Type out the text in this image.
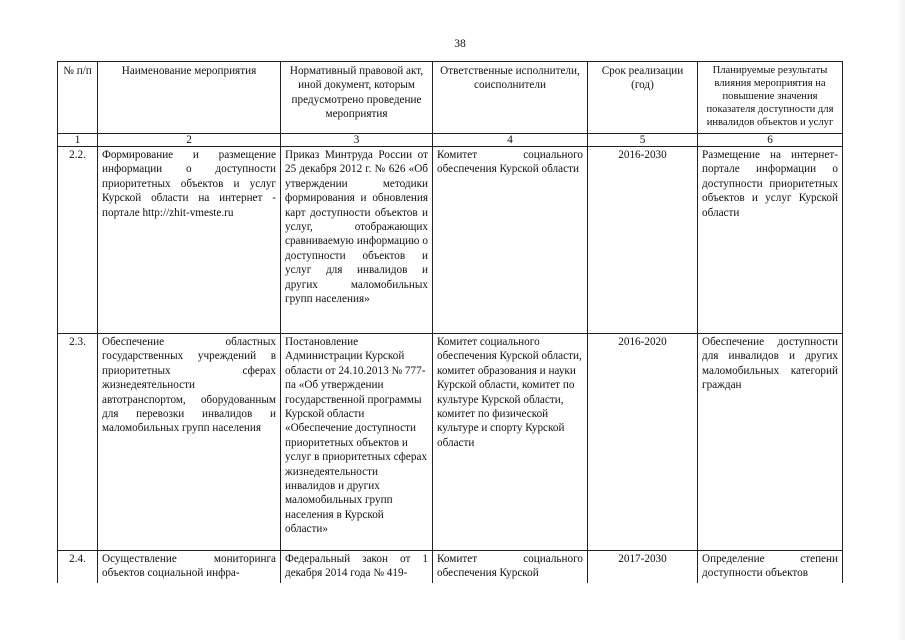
38
№ п/п	Наименование мероприятия	Нормативный правовой акт, иной документ, которым предусмотрено проведение мероприятия	Ответственные исполнители, соисполнители	Срок реализации (год)	Планируемые результаты влияния мероприятия на повышение значения показателя доступности для инвалидов объектов и услуг
1	2	3	4	5	6
2.2.	Формирование и размещение информации о доступности приоритетных объектов и услуг Курской области на интернет - портале http://zhit-vmeste.ru	Приказ Минтруда России от 25 декабря 2012 г. № 626 «Об утверждении методики формирования и обновления карт доступности объектов и услуг, отображающих сравниваемую информацию о доступности объектов и услуг для инвалидов и других маломобильных групп населения»	Комитет социального обеспечения Курской области	2016-2030	Размещение на интернет-портале информации о доступности приоритетных объектов и услуг Курской области
2.3.	Обеспечение областных государственных учреждений в приоритетных сферах жизнедеятельности автотранспортом, оборудованным для перевозки инвалидов и маломобильных групп населения	Постановление Администрации Курской области от 24.10.2013 № 777-па «Об утверждении государственной программы Курской области «Обеспечение доступности приоритетных объектов и услуг в приоритетных сферах жизнедеятельности инвалидов и других маломобильных групп населения в Курской области»	Комитет социального обеспечения Курской области, комитет образования и науки Курской области, комитет по культуре Курской области, комитет по физической культуре и спорту Курской области	2016-2020	Обеспечение доступности для инвалидов и других маломобильных категорий граждан
2.4.	Осуществление мониторинга объектов социальной инфра-	Федеральный закон от 1 декабря 2014 года № 419-	Комитет социального обеспечения Курской	2017-2030	Определение степени доступности объектов
